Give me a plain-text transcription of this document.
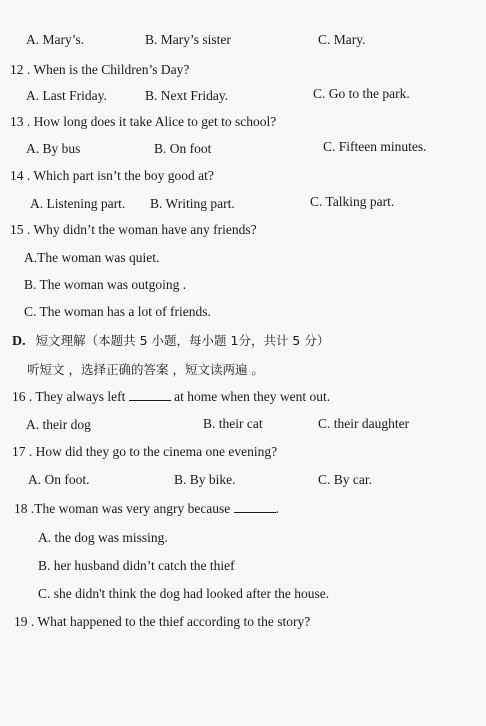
A. Mary’s.	B. Mary’s sister	C. Mary.
12 . When is the Children’s Day?
A. Last Friday.	B. Next Friday.	C. Go to the park.
13 . How long does it take Alice to get to school?
A. By bus	B. On foot	C. Fifteen minutes.
14 . Which part isn’t the boy good at?
A. Listening part. B. Writing part.	C. Talking part.
15 . Why didn’t the woman have any friends?
A.The woman was quiet.
B. The woman was outgoing .
C. The woman has a lot of friends.
D. 短文理解（本题共 5 小题，每小题 1分，共计 5 分）
听短文 ，选择正确的答案 ，短文读两遍 。
16 . They always left	at home when they went out.
A. their dog	B. their cat	C. their daughter
17 . How did they go to the cinema one evening?
A. On foot.	B. By bike.	C. By car.
18 .The woman was very angry because	.
A. the dog was missing.
B. her husband didn’t catch the thief
C. she didn't think the dog had looked after the house.
19 . What happened to the thief according to the story?
